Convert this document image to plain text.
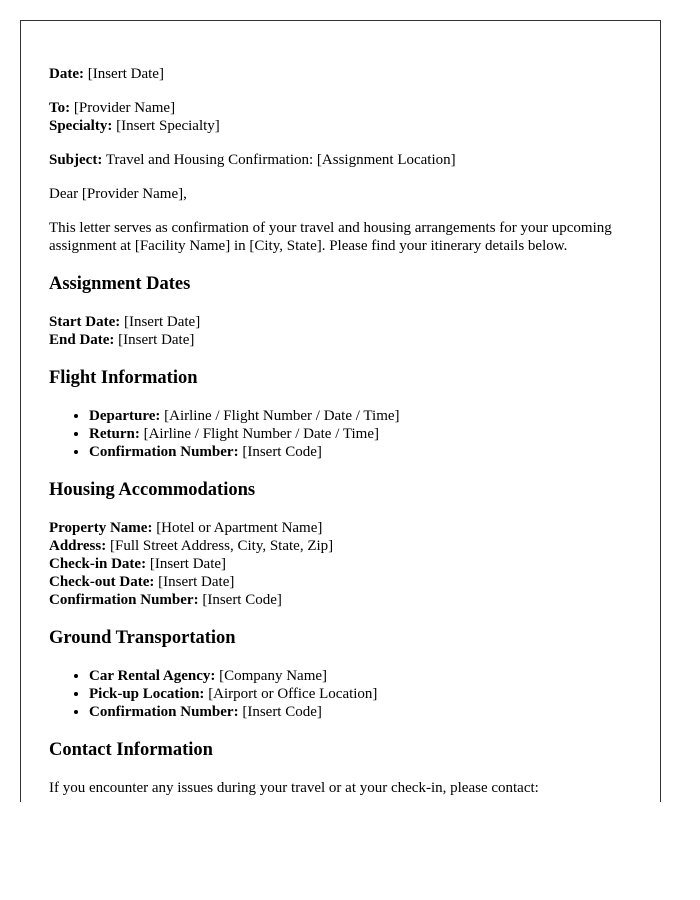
Date: [Insert Date]

To: [Provider Name]
Specialty: [Insert Specialty]

Subject: Travel and Housing Confirmation: [Assignment Location]

Dear [Provider Name],

This letter serves as confirmation of your travel and housing arrangements for your upcoming assignment at [Facility Name] in [City, State]. Please find your itinerary details below.

Assignment Dates

Start Date: [Insert Date]
End Date: [Insert Date]

Flight Information
• Departure: [Airline / Flight Number / Date / Time]
• Return: [Airline / Flight Number / Date / Time]
• Confirmation Number: [Insert Code]
Housing Accommodations

Property Name: [Hotel or Apartment Name]
Address: [Full Street Address, City, State, Zip]
Check-in Date: [Insert Date]
Check-out Date: [Insert Date]
Confirmation Number: [Insert Code]

Ground Transportation
• Car Rental Agency: [Company Name]
• Pick-up Location: [Airport or Office Location]
• Confirmation Number: [Insert Code]
Contact Information

If you encounter any issues during your travel or at your check-in, please contact:
